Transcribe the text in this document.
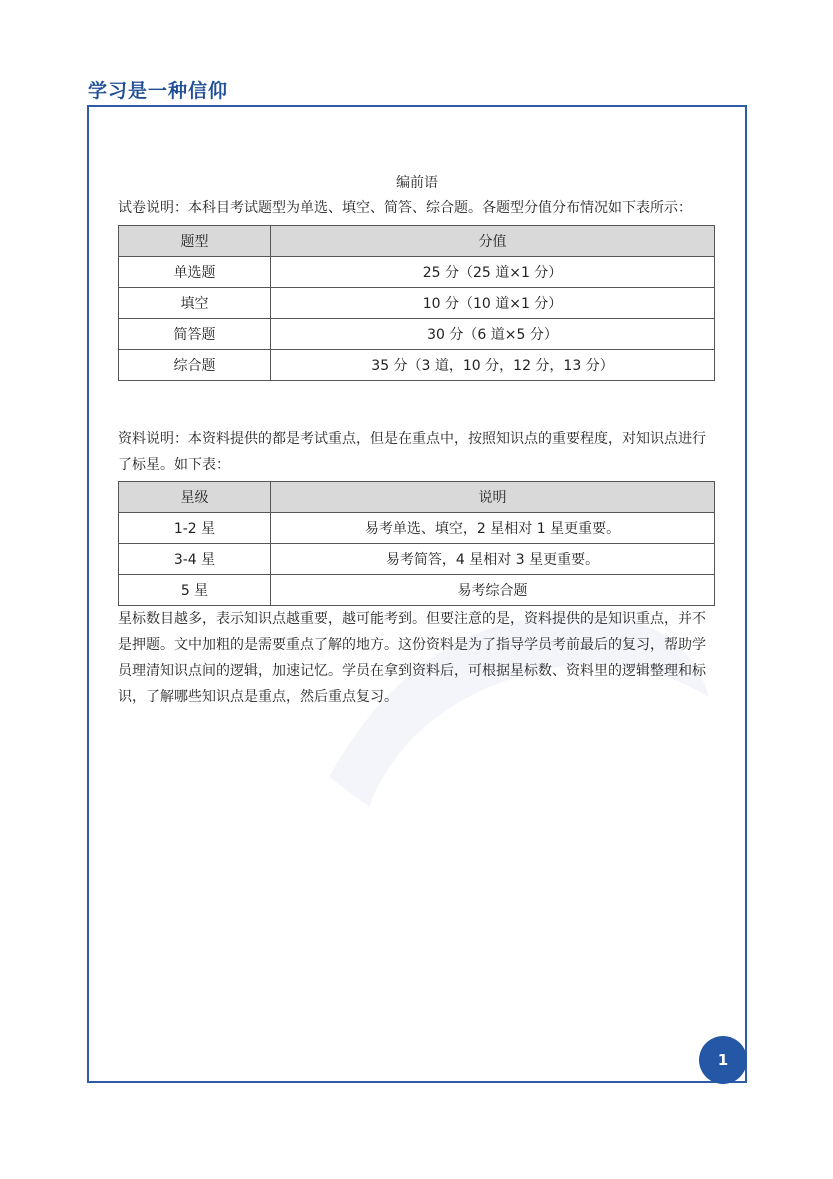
学习是一种信仰
编前语
试卷说明：本科目考试题型为单选、填空、简答、综合题。各题型分值分布情况如下表所示：
题型	分值
单选题	25 分（25 道×1 分）
填空	10 分（10 道×1 分）
简答题	30 分（6 道×5 分）
综合题	35 分（3 道，10 分，12 分，13 分）
资料说明：本资料提供的都是考试重点，但是在重点中，按照知识点的重要程度，对知识点进行了标星。如下表：
星级	说明
1-2 星	易考单选、填空，2 星相对 1 星更重要。
3-4 星	易考简答，4 星相对 3 星更重要。
5 星	易考综合题
星标数目越多，表示知识点越重要，越可能考到。但要注意的是，资料提供的是知识重点，并不是押题。文中加粗的是需要重点了解的地方。这份资料是为了指导学员考前最后的复习，帮助学员理清知识点间的逻辑，加速记忆。学员在拿到资料后，可根据星标数、资料里的逻辑整理和标识，了解哪些知识点是重点，然后重点复习。
1
